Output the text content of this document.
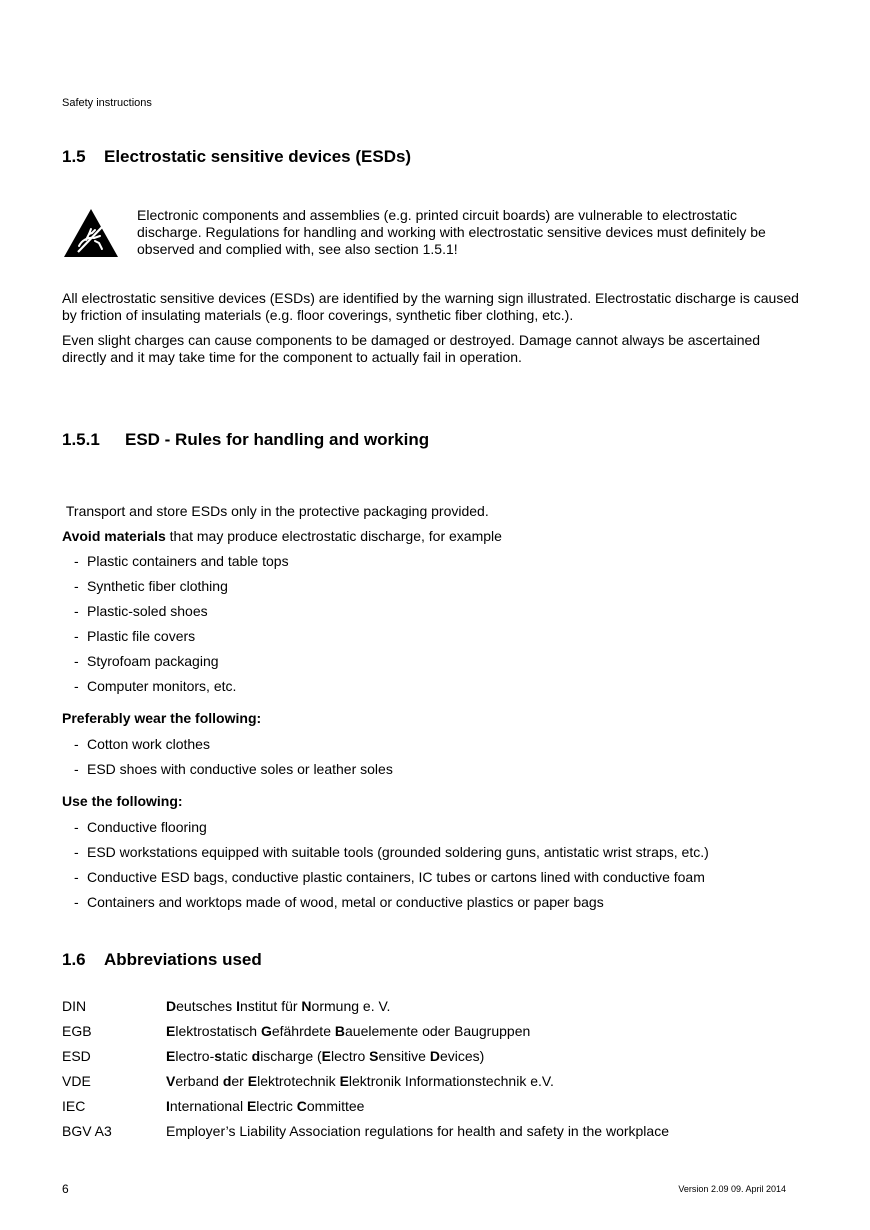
Safety instructions
1.5 Electrostatic sensitive devices (ESDs)

Electronic components and assemblies (e.g. printed circuit boards) are vulnerable to electrostatic discharge. Regulations for handling and working with electrostatic sensitive devices must definitely be observed and complied with, see also section 1.5.1!

All electrostatic sensitive devices (ESDs) are identified by the warning sign illustrated. Electrostatic discharge is caused by friction of insulating materials (e.g. floor coverings, synthetic fiber clothing, etc.).

Even slight charges can cause components to be damaged or destroyed. Damage cannot always be ascertained directly and it may take time for the component to actually fail in operation.

1.5.1 ESD - Rules for handling and working
Transport and store ESDs only in the protective packaging provided.
Avoid materials that may produce electrostatic discharge, for example
- Plastic containers and table tops
- Synthetic fiber clothing
- Plastic-soled shoes
- Plastic file covers
- Styrofoam packaging
- Computer monitors, etc.
Preferably wear the following:
- Cotton work clothes
- ESD shoes with conductive soles or leather soles
Use the following:
- Conductive flooring
- ESD workstations equipped with suitable tools (grounded soldering guns, antistatic wrist straps, etc.)
- Conductive ESD bags, conductive plastic containers, IC tubes or cartons lined with conductive foam
- Containers and worktops made of wood, metal or conductive plastics or paper bags
1.6 Abbreviations used
DIN	Deutsches Institut für Normung e. V.
EGB	Elektrostatisch Gefährdete Bauelemente oder Baugruppen
ESD	Electro-static discharge (Electro Sensitive Devices)
VDE	Verband der Elektrotechnik Elektronik Informationstechnik e.V.
IEC	International Electric Committee
BGV A3	Employer’s Liability Association regulations for health and safety in the workplace
6	Version 2.09 09. April 2014
